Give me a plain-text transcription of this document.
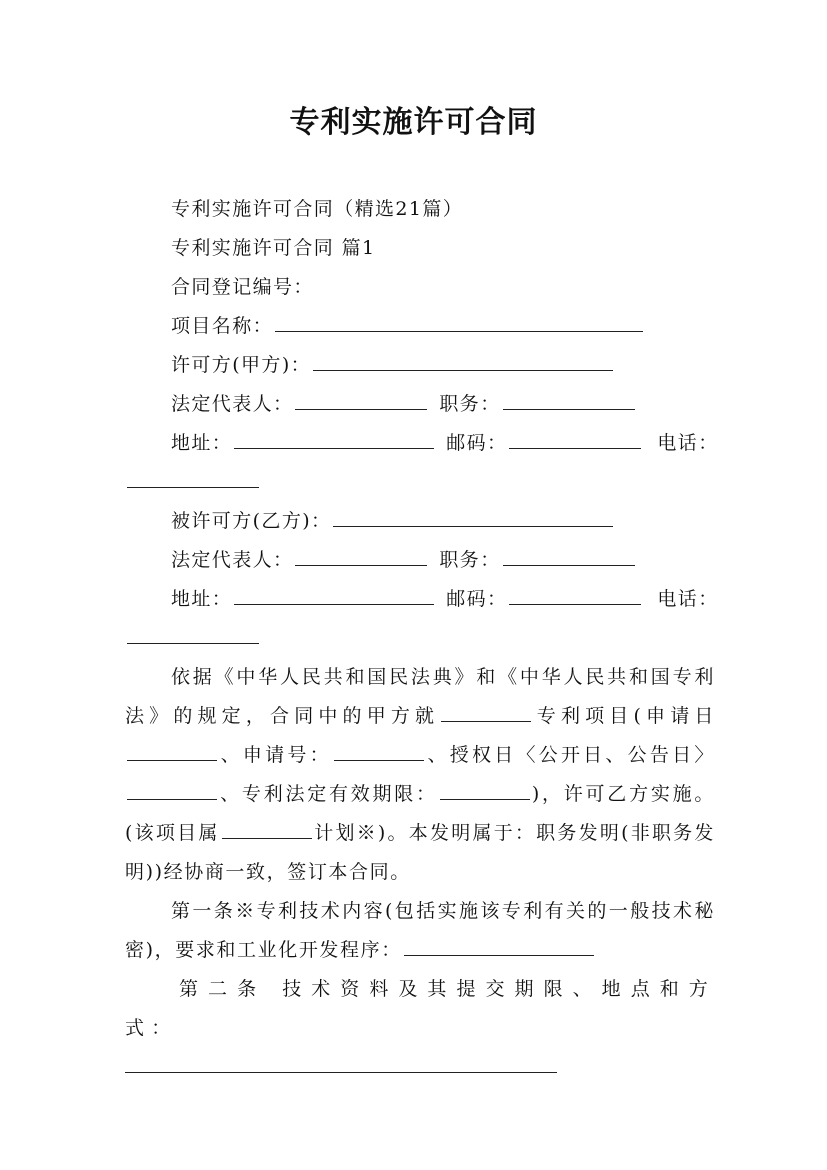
专利实施许可合同
专利实施许可合同（精选21篇）
专利实施许可合同 篇1
合同登记编号：
项目名称：
许可方(甲方)：
法定代表人：	职务：
地址：	邮码：	电话：
被许可方(乙方)：
法定代表人：	职务：
地址：	邮码：	电话：
依据《中华人民共和国民法典》和《中华人民共和国专利法》的规定，合同中的甲方就	专利项目(申请日、申请号：	、授权日〈公开日、公告日〉、专利法定有效期限：	)，许可乙方实施。(该项目属	计划※)。本发明属于：职务发明(非职务发明))经协商一致，签订本合同。
第一条※专利技术内容(包括实施该专利有关的一般技术秘密)，要求和工业化开发程序：
第二条 技术资料及其提交期限、地点和方式：
